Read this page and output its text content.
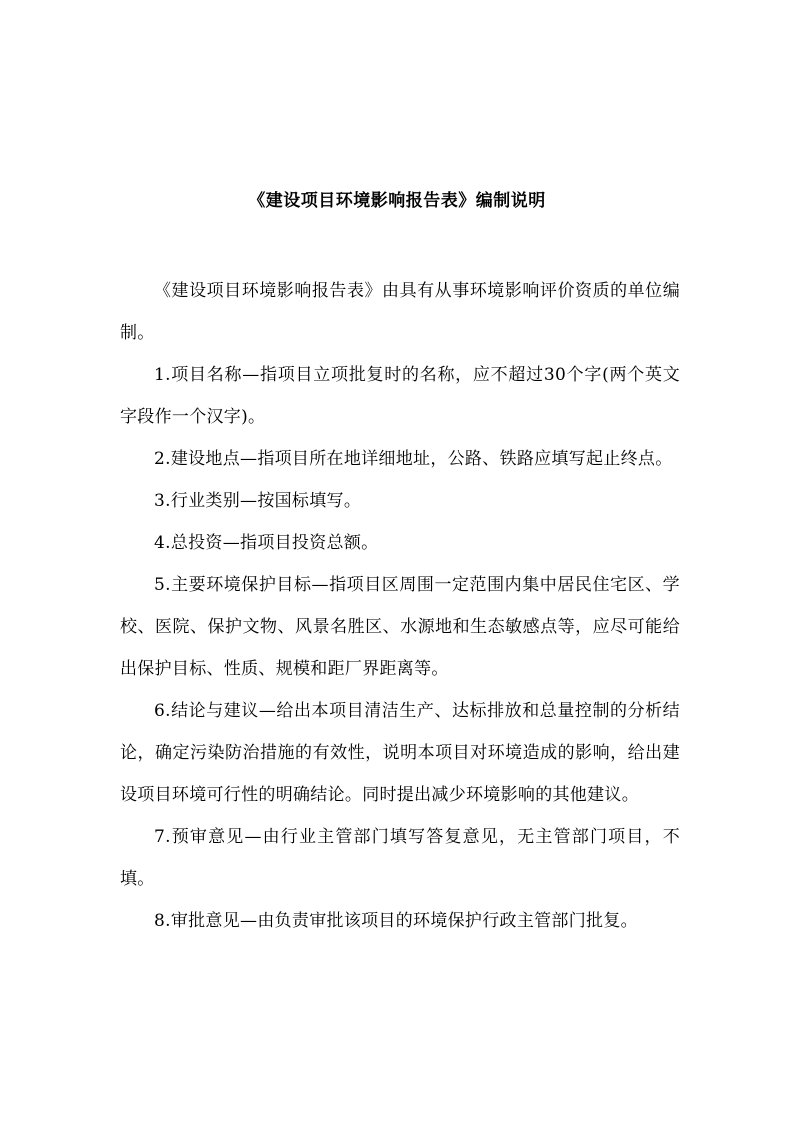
《建设项目环境影响报告表》编制说明

《建设项目环境影响报告表》由具有从事环境影响评价资质的单位编制。

1.项目名称—指项目立项批复时的名称，应不超过30个字(两个英文字段作一个汉字)。

2.建设地点—指项目所在地详细地址，公路、铁路应填写起止终点。

3.行业类别—按国标填写。

4.总投资—指项目投资总额。

5.主要环境保护目标—指项目区周围一定范围内集中居民住宅区、学校、医院、保护文物、风景名胜区、水源地和生态敏感点等，应尽可能给出保护目标、性质、规模和距厂界距离等。

6.结论与建议—给出本项目清洁生产、达标排放和总量控制的分析结论，确定污染防治措施的有效性，说明本项目对环境造成的影响，给出建设项目环境可行性的明确结论。同时提出减少环境影响的其他建议。

7.预审意见—由行业主管部门填写答复意见，无主管部门项目，不填。

8.审批意见—由负责审批该项目的环境保护行政主管部门批复。
